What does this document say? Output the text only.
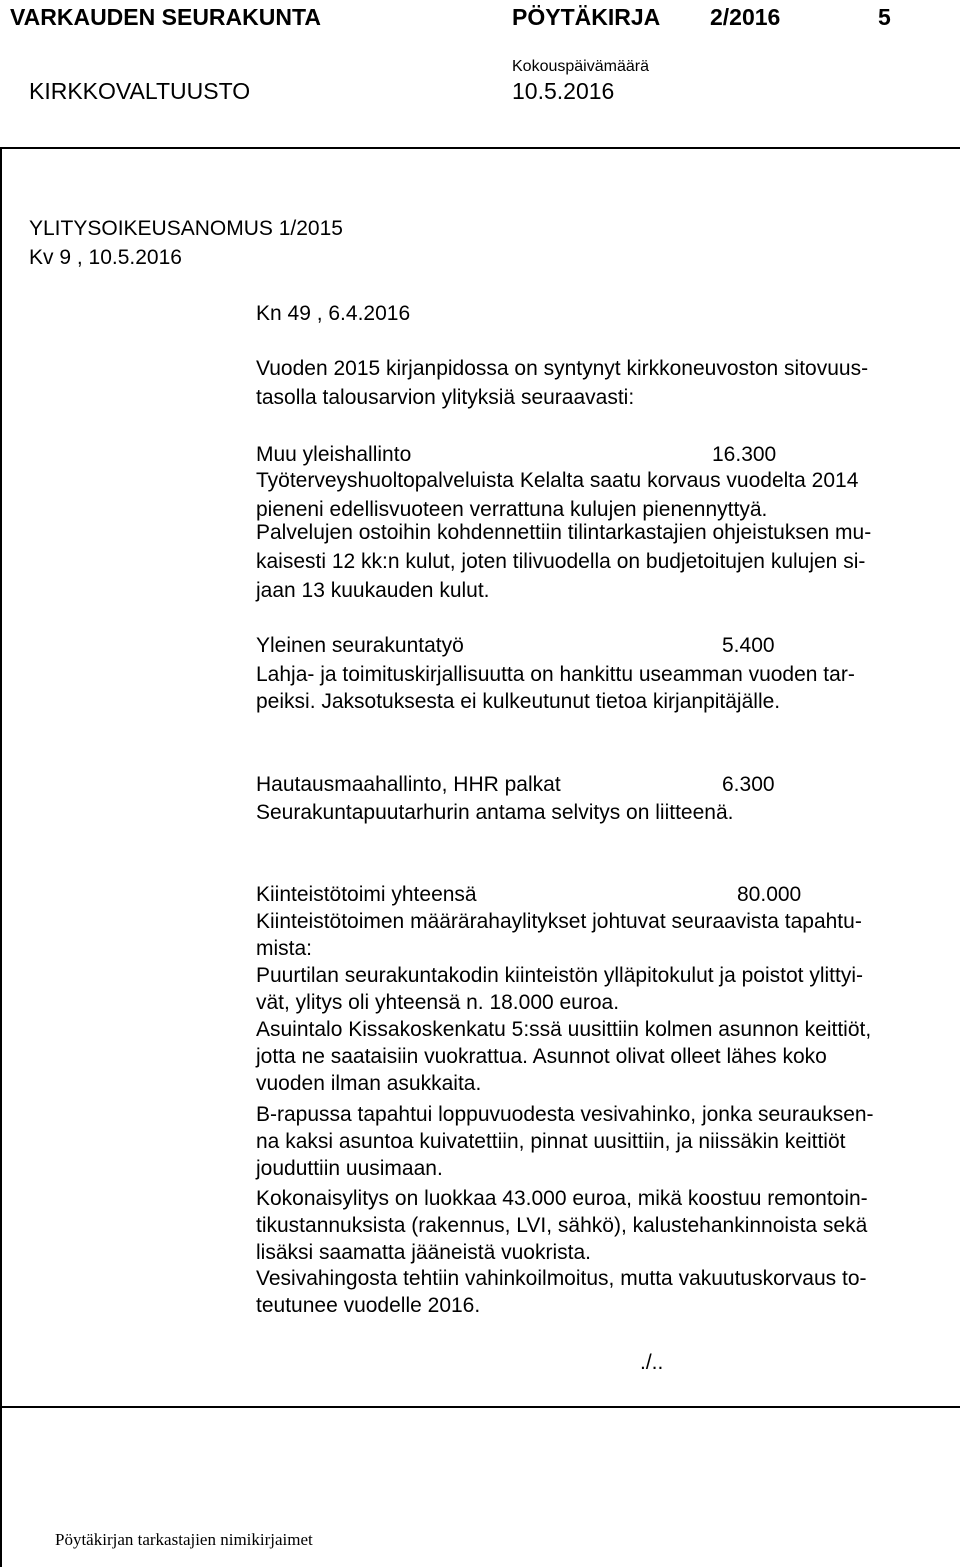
VARKAUDEN SEURAKUNTA	PÖYTÄKIRJA 2/2016	5
Kokouspäivämäärä
KIRKKOVALTUUSTO	10.5.2016
YLITYSOIKEUSANOMUS 1/2015
Kv 9 , 10.5.2016
Kn 49 , 6.4.2016
Vuoden 2015 kirjanpidossa on syntynyt kirkkoneuvoston sitovuus-
tasolla talousarvion ylityksiä seuraavasti:
Muu yleishallinto	16.300
Työterveyshuoltopalveluista Kelalta saatu korvaus vuodelta 2014
pieneni edellisvuoteen verrattuna kulujen pienennyttyä.
Palvelujen ostoihin kohdennettiin tilintarkastajien ohjeistuksen mu-
kaisesti 12 kk:n kulut, joten tilivuodella on budjetoitujen kulujen si-
jaan 13 kuukauden kulut.
Yleinen seurakuntatyö	5.400
Lahja- ja toimituskirjallisuutta on hankittu useamman vuoden tar-
peiksi. Jaksotuksesta ei kulkeutunut tietoa kirjanpitäjälle.
Hautausmaahallinto, HHR palkat	6.300
Seurakuntapuutarhurin antama selvitys on liitteenä.
Kiinteistötoimi yhteensä	80.000
Kiinteistötoimen määrärahaylitykset johtuvat seuraavista tapahtu-
mista:
Puurtilan seurakuntakodin kiinteistön ylläpitokulut ja poistot ylittyi-
vät, ylitys oli yhteensä n. 18.000 euroa.
Asuintalo Kissakoskenkatu 5:ssä uusittiin kolmen asunnon keittiöt,
jotta ne saataisiin vuokrattua. Asunnot olivat olleet lähes koko
vuoden ilman asukkaita.
B-rapussa tapahtui loppuvuodesta vesivahinko, jonka seurauksen-
na kaksi asuntoa kuivatettiin, pinnat uusittiin, ja niissäkin keittiöt
jouduttiin uusimaan.
Kokonaisylitys on luokkaa 43.000 euroa, mikä koostuu remontoin-
tikustannuksista (rakennus, LVI, sähkö), kalustehankinnoista sekä
lisäksi saamatta jääneistä vuokrista.
Vesivahingosta tehtiin vahinkoilmoitus, mutta vakuutuskorvaus to-
teutunee vuodelle 2016.
./..
Pöytäkirjan tarkastajien nimikirjaimet
